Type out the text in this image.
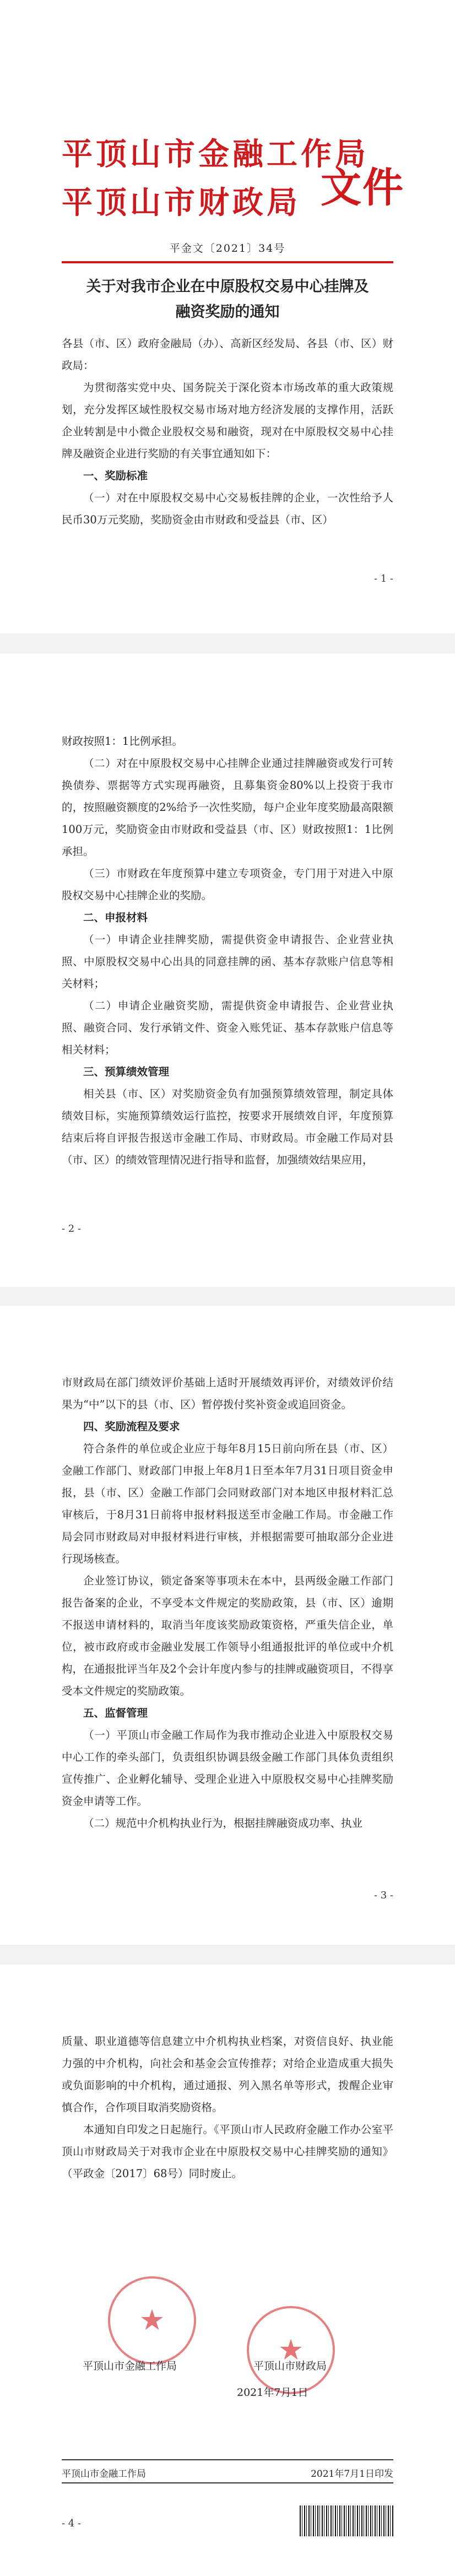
平顶山市金融工作局
平顶山市财政局 文件
平金文〔2021〕34号
关于对我市企业在中原股权交易中心挂牌及融资奖励的通知

各县（市、区）政府金融局（办）、高新区经发局、各县（市、区）财政局：

为贯彻落实党中央、国务院关于深化资本市场改革的重大政策规划，充分发挥区域性股权交易市场对地方经济发展的支撑作用，活跃企业转割是中小微企业股权交易和融资，现对在中原股权交易中心挂牌及融资企业进行奖励的有关事宜通知如下：

一、奖励标准

（一）对在中原股权交易中心交易板挂牌的企业，一次性给予人民币30万元奖励，奖励资金由市财政和受益县（市、区）

- 1 -

财政按照1：1比例承担。

（二）对在中原股权交易中心挂牌企业通过挂牌融资或发行可转换债券、票据等方式实现再融资，且募集资金80%以上投资于我市的，按照融资额度的2%给予一次性奖励，每户企业年度奖励最高限额100万元，奖励资金由市财政和受益县（市、区）财政按照1：1比例承担。

（三）市财政在年度预算中建立专项资金，专门用于对进入中原股权交易中心挂牌企业的奖励。

二、申报材料

（一）申请企业挂牌奖励，需提供资金申请报告、企业营业执照、中原股权交易中心出具的同意挂牌的函、基本存款账户信息等相关材料；

（二）申请企业融资奖励，需提供资金申请报告、企业营业执照、融资合同、发行承销文件、资金入账凭证、基本存款账户信息等相关材料；

三、预算绩效管理

相关县（市、区）对奖励资金负有加强预算绩效管理，制定具体绩效目标，实施预算绩效运行监控，按要求开展绩效自评，年度预算结束后将自评报告报送市金融工作局、市财政局。市金融工作局对县（市、区）的绩效管理情况进行指导和监督，加强绩效结果应用，

- 2 -

市财政局在部门绩效评价基础上适时开展绩效再评价，对绩效评价结果为“中”以下的县（市、区）暂停拨付奖补资金或追回资金。

四、奖励流程及要求

符合条件的单位或企业应于每年8月15日前向所在县（市、区）金融工作部门、财政部门申报上年8月1日至本年7月31日项目资金申报，县（市、区）金融工作部门会同财政部门对本地区申报材料汇总审核后，于8月31日前将申报材料报送至市金融工作局。市金融工作局会同市财政局对申报材料进行审核，并根据需要可抽取部分企业进行现场核查。

企业签订协议，锁定备案等事项未在本中，县两级金融工作部门报告备案的企业，不享受本文件规定的奖励政策，县（市、区）逾期不报送申请材料的，取消当年度该奖励政策资格，严重失信企业，单位，被市政府或市金融业发展工作领导小组通报批评的单位或中介机构，在通报批评当年及2个会计年度内参与的挂牌或融资项目，不得享受本文件规定的奖励政策。

五、监督管理

（一）平顶山市金融工作局作为我市推动企业进入中原股权交易中心工作的牵头部门，负责组织协调县级金融工作部门具体负责组织宣传推广、企业孵化辅导、受理企业进入中原股权交易中心挂牌奖励资金申请等工作。

（二）规范中介机构执业行为，根据挂牌融资成功率、执业

- 3 -

质量、职业道德等信息建立中介机构执业档案，对资信良好、执业能力强的中介机构，向社会和基金会宣传推荐；对给企业造成重大损失或负面影响的中介机构，通过通报、列入黑名单等形式，拨醒企业审慎合作，合作项目取消奖励资格。

本通知自印发之日起施行。《平顶山市人民政府金融工作办公室平顶山市财政局关于对我市企业在中原股权交易中心挂牌奖励的通知》（平政金〔2017〕68号）同时废止。

★
★
平顶山市金融工作局	平顶山市财政局
2021年7月1日
平顶山市金融工作局	2021年7月1日印发
- 4 -
